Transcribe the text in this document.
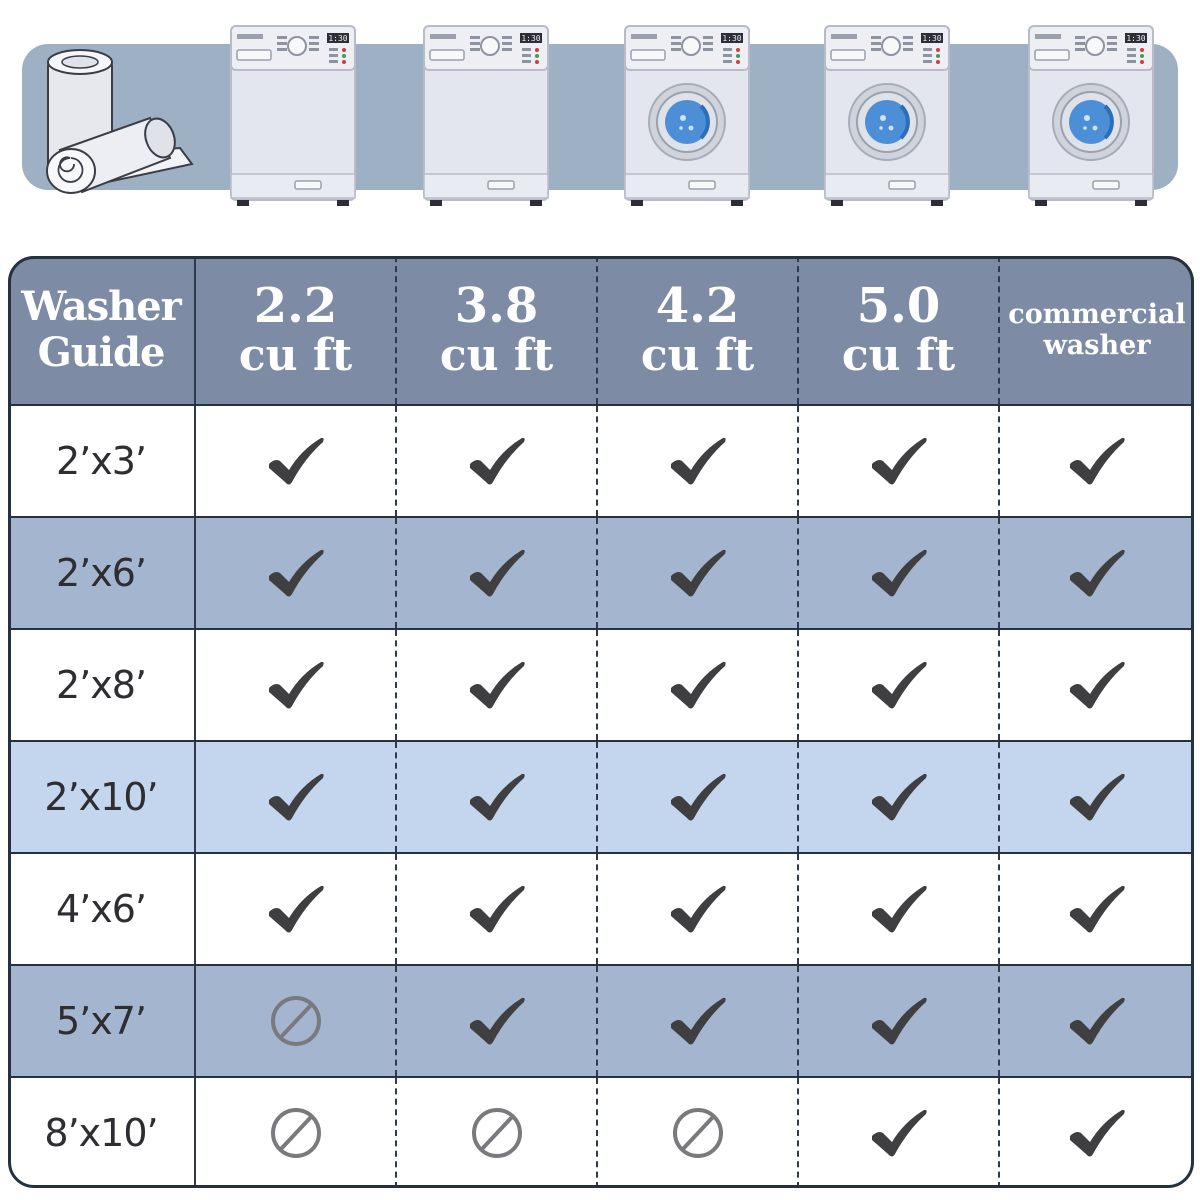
Washer
Guide
2.2
cu ft
3.8
cu ft
4.2
cu ft
5.0
cu ft
commercial
washer
2’x3’
2’x6’
2’x8’
2’x10’
4’x6’
5’x7’
8’x10’
